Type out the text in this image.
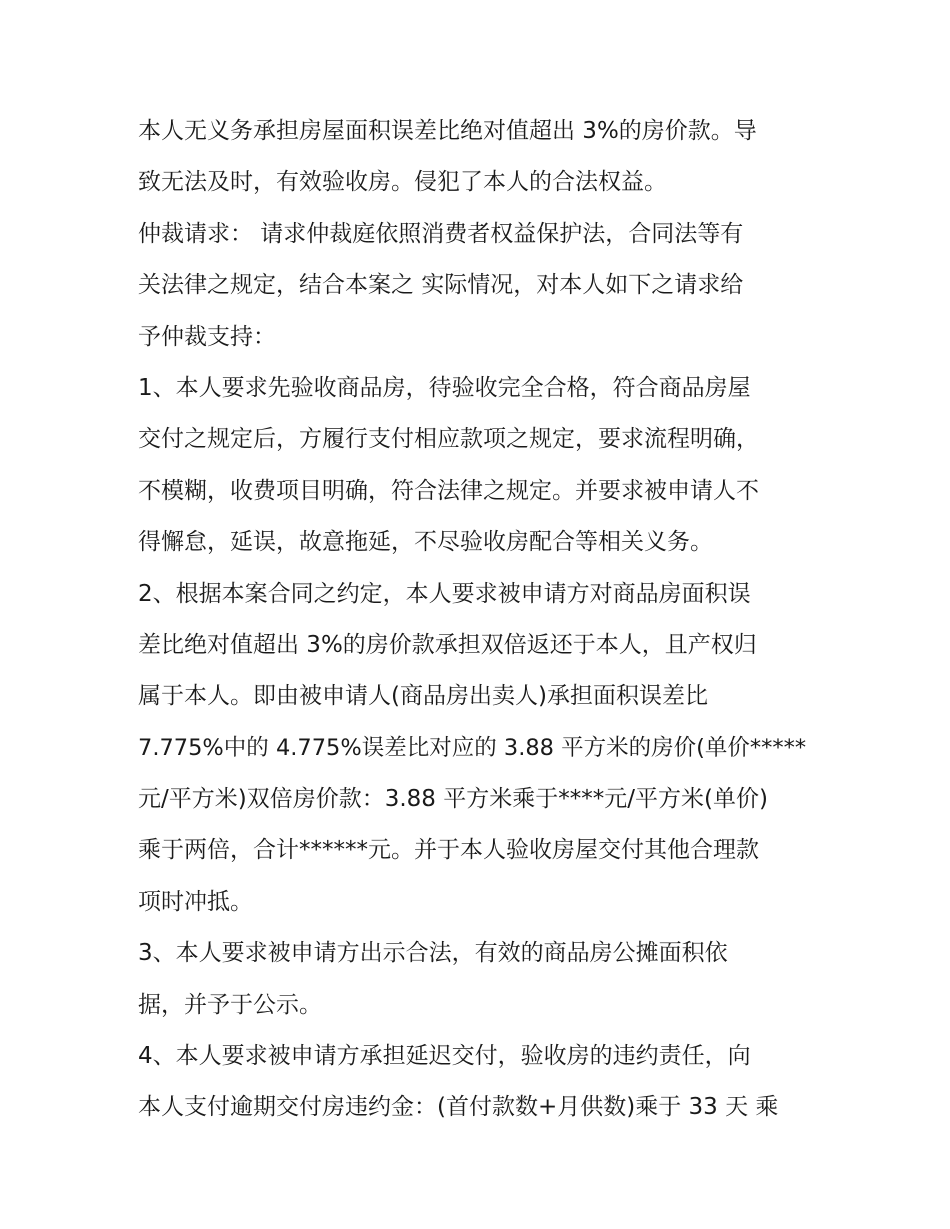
本人无义务承担房屋面积误差比绝对值超出 3%的房价款。导
致无法及时，有效验收房。侵犯了本人的合法权益。
仲裁请求： 请求仲裁庭依照消费者权益保护法，合同法等有
关法律之规定，结合本案之 实际情况，对本人如下之请求给
予仲裁支持：
1、本人要求先验收商品房，待验收完全合格，符合商品房屋
交付之规定后，方履行支付相应款项之规定，要求流程明确，
不模糊，收费项目明确，符合法律之规定。并要求被申请人不
得懈怠，延误，故意拖延，不尽验收房配合等相关义务。
2、根据本案合同之约定，本人要求被申请方对商品房面积误
差比绝对值超出 3%的房价款承担双倍返还于本人，且产权归
属于本人。即由被申请人(商品房出卖人)承担面积误差比
7.775%中的 4.775%误差比对应的 3.88 平方米的房价(单价*****
元/平方米)双倍房价款：3.88 平方米乘于****元/平方米(单价)
乘于两倍，合计******元。并于本人验收房屋交付其他合理款
项时冲抵。
3、本人要求被申请方出示合法，有效的商品房公摊面积依
据，并予于公示。
4、本人要求被申请方承担延迟交付，验收房的违约责任，向
本人支付逾期交付房违约金：(首付款数+月供数)乘于 33 天 乘
